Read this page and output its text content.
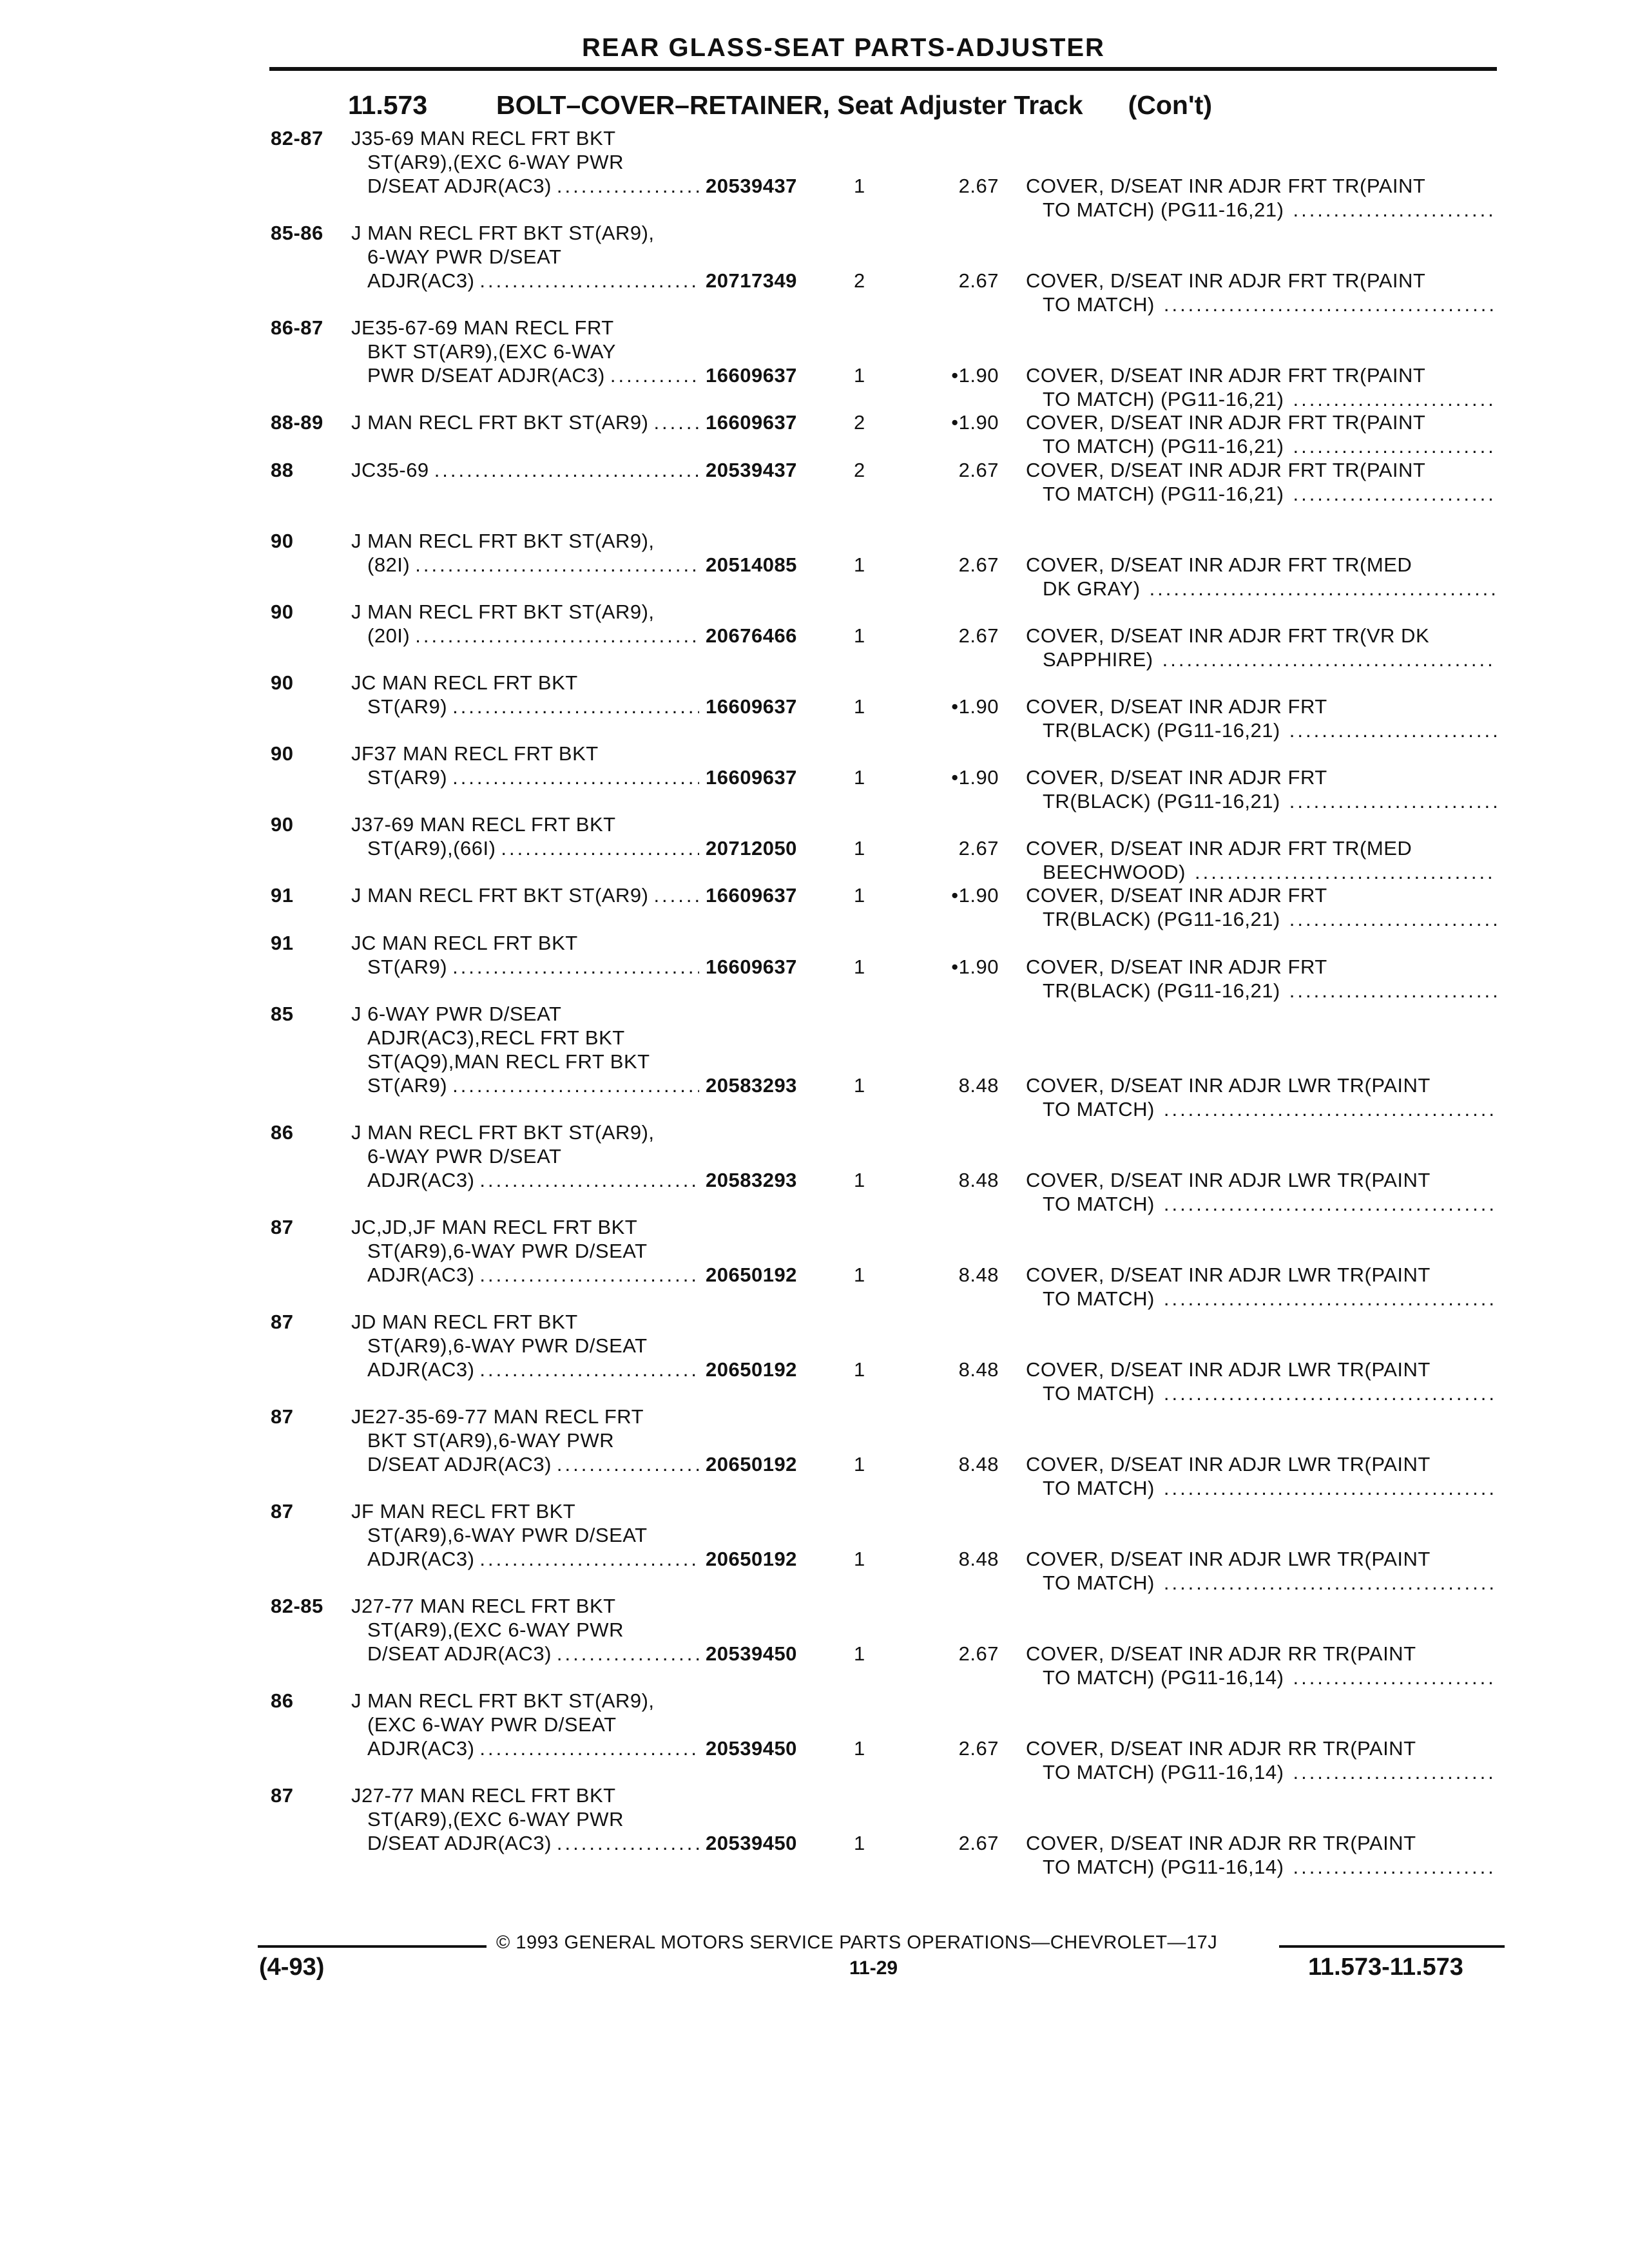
REAR GLASS-SEAT PARTS-ADJUSTER
11.573	BOLT–COVER–RETAINER, Seat Adjuster Track (Con't)
82-87 J35-69 MAN RECL FRT BKT
ST(AR9),(EXC 6-WAY PWR
D/SEAT ADJR(AC3) .....	20539437	1	2.67 COVER, D/SEAT INR ADJR FRT TR(PAINT
TO MATCH) (PG11-16,21)
.....
85-86 J MAN RECL FRT BKT ST(AR9),
6-WAY PWR D/SEAT
ADJR(AC3) .....	20717349	2	2.67 COVER, D/SEAT INR ADJR FRT TR(PAINT
TO MATCH)
.....
86-87 JE35-67-69 MAN RECL FRT
BKT ST(AR9),(EXC 6-WAY
PWR D/SEAT ADJR(AC3) .....	16609637	1	•1.90 COVER, D/SEAT INR ADJR FRT TR(PAINT
TO MATCH) (PG11-16,21)
.....
88-89 J MAN RECL FRT BKT ST(AR9) .....	16609637	2	•1.90 COVER, D/SEAT INR ADJR FRT TR(PAINT
TO MATCH) (PG11-16,21)
.....
88	JC35-69 .....	20539437	2	2.67 COVER, D/SEAT INR ADJR FRT TR(PAINT
TO MATCH) (PG11-16,21)
.....
90	J MAN RECL FRT BKT ST(AR9),
(82I) .....	20514085	1	2.67 COVER, D/SEAT INR ADJR FRT TR(MED
DK GRAY)
.....
90	J MAN RECL FRT BKT ST(AR9),
(20I) .....	20676466	1	2.67 COVER, D/SEAT INR ADJR FRT TR(VR DK
SAPPHIRE)
.....
90	JC MAN RECL FRT BKT
ST(AR9) .....	16609637	1	•1.90 COVER, D/SEAT INR ADJR FRT
TR(BLACK) (PG11-16,21)
.....
90	JF37 MAN RECL FRT BKT
ST(AR9) .....	16609637	1	•1.90 COVER, D/SEAT INR ADJR FRT
TR(BLACK) (PG11-16,21)
.....
90	J37-69 MAN RECL FRT BKT
ST(AR9),(66I) .....	20712050	1	2.67 COVER, D/SEAT INR ADJR FRT TR(MED
BEECHWOOD)
.....
91	J MAN RECL FRT BKT ST(AR9) .....	16609637	1	•1.90 COVER, D/SEAT INR ADJR FRT
TR(BLACK) (PG11-16,21)
.....
91	JC MAN RECL FRT BKT
ST(AR9) .....	16609637	1	•1.90 COVER, D/SEAT INR ADJR FRT
TR(BLACK) (PG11-16,21)
.....
85	J 6-WAY PWR D/SEAT
ADJR(AC3),RECL FRT BKT
ST(AQ9),MAN RECL FRT BKT
ST(AR9) .....	20583293	1	8.48 COVER, D/SEAT INR ADJR LWR TR(PAINT
TO MATCH)
.....
86	J MAN RECL FRT BKT ST(AR9),
6-WAY PWR D/SEAT
ADJR(AC3) .....	20583293	1	8.48 COVER, D/SEAT INR ADJR LWR TR(PAINT
TO MATCH)
.....
87	JC,JD,JF MAN RECL FRT BKT
ST(AR9),6-WAY PWR D/SEAT
ADJR(AC3) .....	20650192	1	8.48 COVER, D/SEAT INR ADJR LWR TR(PAINT
TO MATCH)
.....
87	JD MAN RECL FRT BKT
ST(AR9),6-WAY PWR D/SEAT
ADJR(AC3) .....	20650192	1	8.48 COVER, D/SEAT INR ADJR LWR TR(PAINT
TO MATCH)
.....
87	JE27-35-69-77 MAN RECL FRT
BKT ST(AR9),6-WAY PWR
D/SEAT ADJR(AC3) .....	20650192	1	8.48 COVER, D/SEAT INR ADJR LWR TR(PAINT
TO MATCH)
.....
87	JF MAN RECL FRT BKT
ST(AR9),6-WAY PWR D/SEAT
ADJR(AC3) .....	20650192	1	8.48 COVER, D/SEAT INR ADJR LWR TR(PAINT
TO MATCH)
.....
82-85 J27-77 MAN RECL FRT BKT
ST(AR9),(EXC 6-WAY PWR
D/SEAT ADJR(AC3) .....	20539450	1	2.67 COVER, D/SEAT INR ADJR RR TR(PAINT
TO MATCH) (PG11-16,14)
.....
86	J MAN RECL FRT BKT ST(AR9),
(EXC 6-WAY PWR D/SEAT
ADJR(AC3) .....	20539450	1	2.67 COVER, D/SEAT INR ADJR RR TR(PAINT
TO MATCH) (PG11-16,14)
.....
87	J27-77 MAN RECL FRT BKT
ST(AR9),(EXC 6-WAY PWR
D/SEAT ADJR(AC3) .....	20539450	1	2.67 COVER, D/SEAT INR ADJR RR TR(PAINT
TO MATCH) (PG11-16,14)
.....
© 1993 GENERAL MOTORS SERVICE PARTS OPERATIONS—CHEVROLET—17J
(4-93)	11-29	11.573-11.573
